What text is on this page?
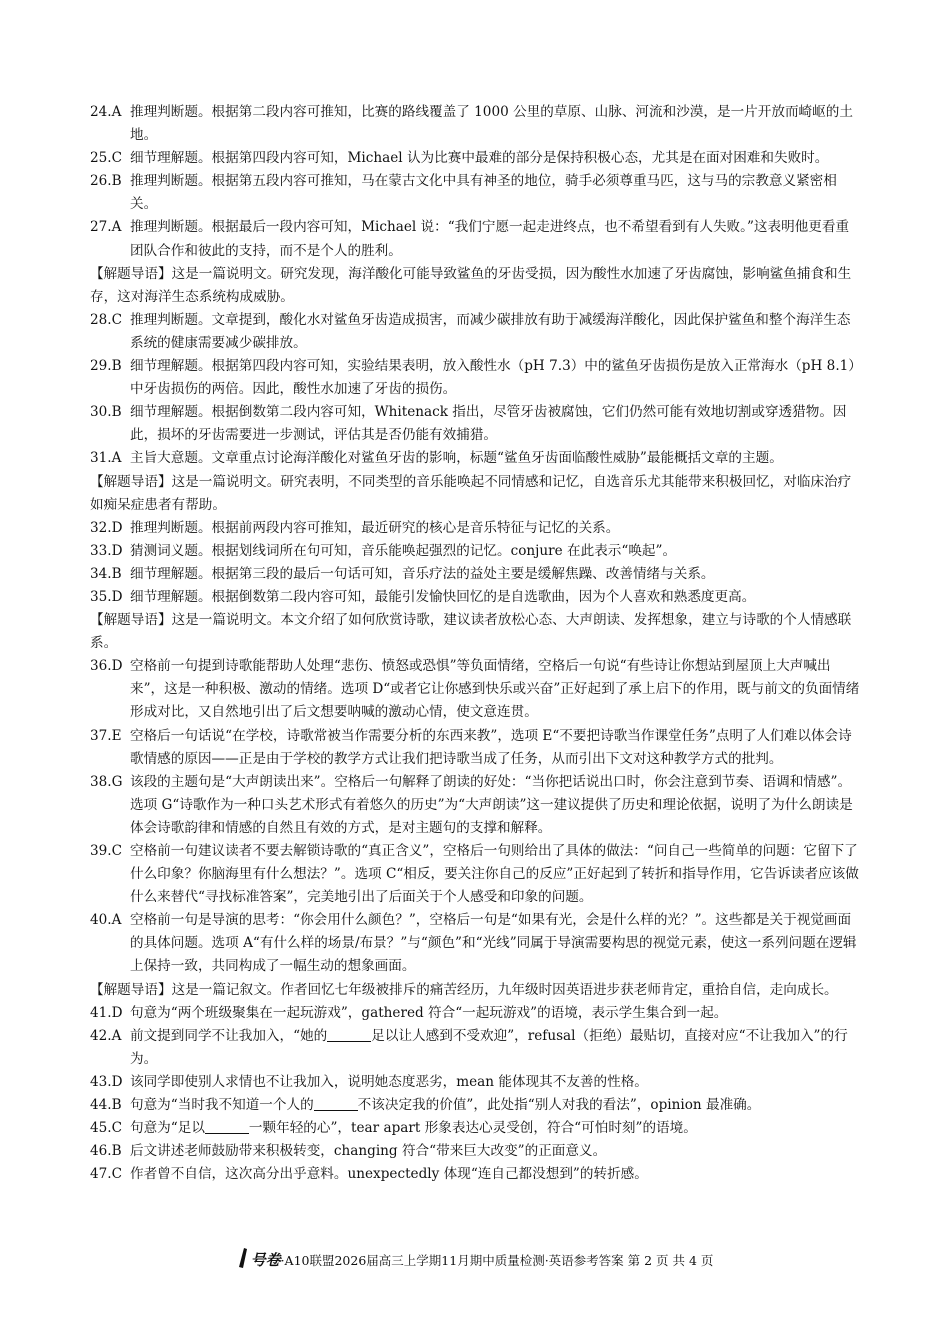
24.A 推理判断题。根据第二段内容可推知，比赛的路线覆盖了 1000 公里的草原、山脉、河流和沙漠，是一片开放而崎岖的土地。

25.C 细节理解题。根据第四段内容可知，Michael 认为比赛中最难的部分是保持积极心态，尤其是在面对困难和失败时。

26.B 推理判断题。根据第五段内容可推知，马在蒙古文化中具有神圣的地位，骑手必须尊重马匹，这与马的宗教意义紧密相关。

27.A 推理判断题。根据最后一段内容可知，Michael 说：“我们宁愿一起走进终点，也不希望看到有人失败。”这表明他更看重团队合作和彼此的支持，而不是个人的胜利。

【解题导语】这是一篇说明文。研究发现，海洋酸化可能导致鲨鱼的牙齿受损，因为酸性水加速了牙齿腐蚀，影响鲨鱼捕食和生存，这对海洋生态系统构成威胁。

28.C 推理判断题。文章提到，酸化水对鲨鱼牙齿造成损害，而减少碳排放有助于减缓海洋酸化，因此保护鲨鱼和整个海洋生态系统的健康需要减少碳排放。

29.B 细节理解题。根据第四段内容可知，实验结果表明，放入酸性水（pH 7.3）中的鲨鱼牙齿损伤是放入正常海水（pH 8.1）中牙齿损伤的两倍。因此，酸性水加速了牙齿的损伤。

30.B 细节理解题。根据倒数第二段内容可知，Whitenack 指出，尽管牙齿被腐蚀，它们仍然可能有效地切割或穿透猎物。因此，损坏的牙齿需要进一步测试，评估其是否仍能有效捕猎。

31.A 主旨大意题。文章重点讨论海洋酸化对鲨鱼牙齿的影响，标题“鲨鱼牙齿面临酸性威胁”最能概括文章的主题。

【解题导语】这是一篇说明文。研究表明，不同类型的音乐能唤起不同情感和记忆，自选音乐尤其能带来积极回忆，对临床治疗如痴呆症患者有帮助。

32.D 推理判断题。根据前两段内容可推知，最近研究的核心是音乐特征与记忆的关系。

33.D 猜测词义题。根据划线词所在句可知，音乐能唤起强烈的记忆。conjure 在此表示“唤起”。

34.B 细节理解题。根据第三段的最后一句话可知，音乐疗法的益处主要是缓解焦躁、改善情绪与关系。

35.D 细节理解题。根据倒数第二段内容可知，最能引发愉快回忆的是自选歌曲，因为个人喜欢和熟悉度更高。

【解题导语】这是一篇说明文。本文介绍了如何欣赏诗歌，建议读者放松心态、大声朗读、发挥想象，建立与诗歌的个人情感联系。

36.D 空格前一句提到诗歌能帮助人处理“悲伤、愤怒或恐惧”等负面情绪，空格后一句说“有些诗让你想站到屋顶上大声喊出来”，这是一种积极、激动的情绪。选项 D“或者它让你感到快乐或兴奋”正好起到了承上启下的作用，既与前文的负面情绪形成对比，又自然地引出了后文想要呐喊的激动心情，使文意连贯。

37.E 空格后一句话说“在学校，诗歌常被当作需要分析的东西来教”，选项 E“不要把诗歌当作课堂任务”点明了人们难以体会诗歌情感的原因——正是由于学校的教学方式让我们把诗歌当成了任务，从而引出下文对这种教学方式的批判。

38.G 该段的主题句是“大声朗读出来”。空格后一句解释了朗读的好处：“当你把话说出口时，你会注意到节奏、语调和情感”。选项 G“诗歌作为一种口头艺术形式有着悠久的历史”为“大声朗读”这一建议提供了历史和理论依据，说明了为什么朗读是体会诗歌韵律和情感的自然且有效的方式，是对主题句的支撑和解释。

39.C 空格前一句建议读者不要去解锁诗歌的“真正含义”，空格后一句则给出了具体的做法：“问自己一些简单的问题：它留下了什么印象？你脑海里有什么想法？”。选项 C“相反，要关注你自己的反应”正好起到了转折和指导作用，它告诉读者应该做什么来替代“寻找标准答案”，完美地引出了后面关于个人感受和印象的问题。

40.A 空格前一句是导演的思考：“你会用什么颜色？”，空格后一句是“如果有光，会是什么样的光？”。这些都是关于视觉画面的具体问题。选项 A“有什么样的场景/布景？”与“颜色”和“光线”同属于导演需要构思的视觉元素，使这一系列问题在逻辑上保持一致，共同构成了一幅生动的想象画面。

【解题导语】这是一篇记叙文。作者回忆七年级被排斥的痛苦经历，九年级时因英语进步获老师肯定，重拾自信，走向成长。

41.D 句意为“两个班级聚集在一起玩游戏”，gathered 符合“一起玩游戏”的语境，表示学生集合到一起。

42.A 前文提到同学不让我加入，“她的	足以让人感到不受欢迎”，refusal（拒绝）最贴切，直接对应“不让我加入”的行为。

43.D 该同学即使别人求情也不让我加入，说明她态度恶劣，mean 能体现其不友善的性格。

44.B 句意为“当时我不知道一个人的	不该决定我的价值”，此处指“别人对我的看法”，opinion 最准确。

45.C 句意为“足以	一颗年轻的心”，tear apart 形象表达心灵受创，符合“可怕时刻”的语境。

46.B 后文讲述老师鼓励带来积极转变，changing 符合“带来巨大改变”的正面意义。

47.C 作者曾不自信，这次高分出乎意料。unexpectedly 体现“连自己都没想到”的转折感。

号卷·A10联盟2026届高三上学期11月期中质量检测·英语参考答案 第 2 页 共 4 页
